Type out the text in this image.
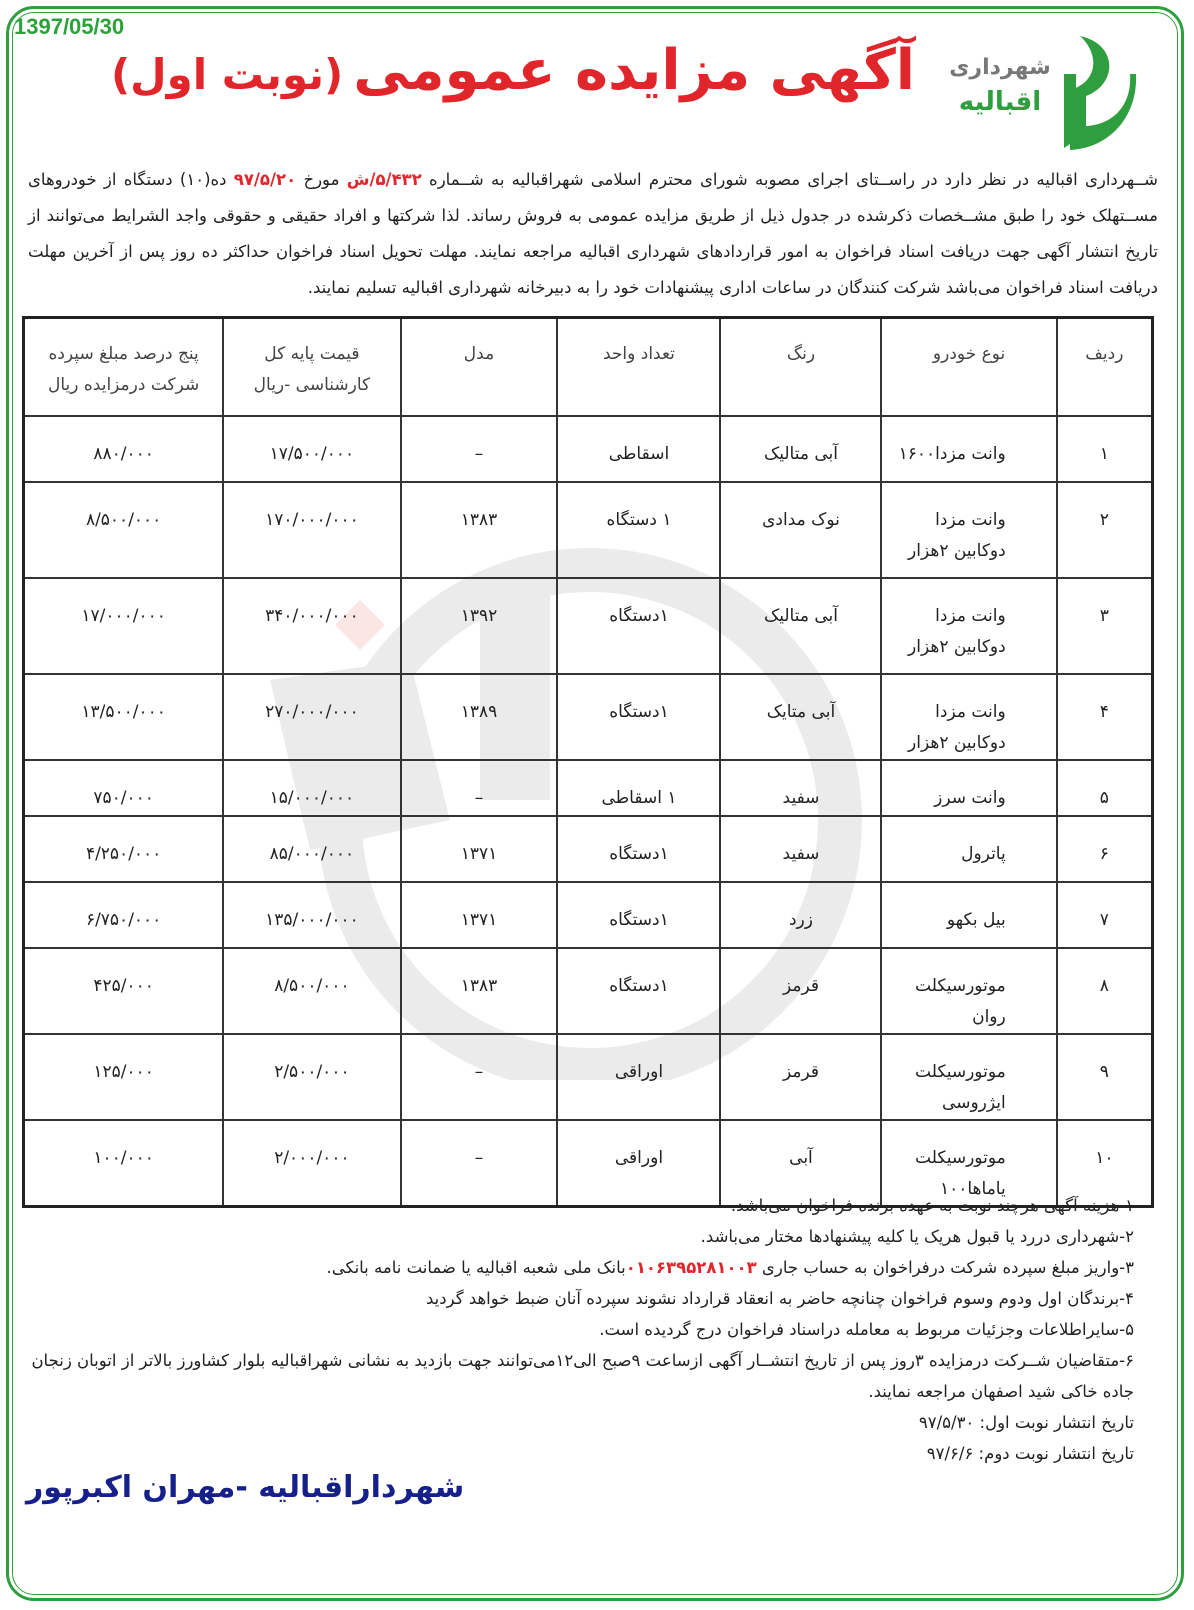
1397/05/30
شهرداری
اقبالیه
آگهی مزایده عمومی(نوبت اول)
شــهرداری اقبالیه در نظر دارد در راســتای اجرای مصوبه شورای محترم اسلامی شهراقبالیه به شــماره ۵/۴۳۲/ش مورخ ۹۷/۵/۲۰ ده(۱۰) دستگاه از خودروهای مســتهلک خود را طبق مشــخصات ذکرشده در جدول ذیل از طریق مزایده عمومی به فروش رساند. لذا شرکتها و افراد حقیقی و حقوقی واجد الشرایط می‌توانند از تاریخ انتشار آگهی جهت دریافت اسناد فراخوان به امور قراردادهای شهرداری اقبالیه مراجعه نمایند. مهلت تحویل اسناد فراخوان حداکثر ده روز پس از آخرین مهلت دریافت اسناد فراخوان می‌باشد شرکت کنندگان در ساعات اداری پیشنهادات خود را به دبیرخانه شهرداری اقبالیه تسلیم نمایند.
ردیف	نوع خودرو	رنگ	تعداد واحد	مدل	قیمت پایه کل کارشناسی -ریال	پنج درصد مبلغ سپرده شرکت درمزایده ریال
۱	وانت مزدا۱۶۰۰	آبی متالیک	اسقاطی	–	۱۷/۵۰۰/۰۰۰	۸۸۰/۰۰۰
۲	وانت مزدا دوکابین ۲هزار	نوک مدادی	۱ دستگاه	۱۳۸۳	۱۷۰/۰۰۰/۰۰۰	۸/۵۰۰/۰۰۰
۳	وانت مزدا دوکابین ۲هزار	آبی متالیک	۱دستگاه	۱۳۹۲	۳۴۰/۰۰۰/۰۰۰	۱۷/۰۰۰/۰۰۰
۴	وانت مزدا دوکابین ۲هزار	آبی متایک	۱دستگاه	۱۳۸۹	۲۷۰/۰۰۰/۰۰۰	۱۳/۵۰۰/۰۰۰
۵	وانت سرز	سفید	۱ اسقاطی	–	۱۵/۰۰۰/۰۰۰	۷۵۰/۰۰۰
۶	پاترول	سفید	۱دستگاه	۱۳۷۱	۸۵/۰۰۰/۰۰۰	۴/۲۵۰/۰۰۰
۷	بیل بکهو	زرد	۱دستگاه	۱۳۷۱	۱۳۵/۰۰۰/۰۰۰	۶/۷۵۰/۰۰۰
۸	موتورسیکلت روان	قرمز	۱دستگاه	۱۳۸۳	۸/۵۰۰/۰۰۰	۴۲۵/۰۰۰
۹	موتورسیکلت ایژروسی	قرمز	اوراقی	–	۲/۵۰۰/۰۰۰	۱۲۵/۰۰۰
۱۰	موتورسیکلت یاماها۱۰۰	آبی	اوراقی	–	۲/۰۰۰/۰۰۰	۱۰۰/۰۰۰
۱-هزینه آگهی هرچند نوبت به عهده برنده فراخوان می‌باشد.
۲-شهرداری دررد یا قبول هریک یا کلیه پیشنهادها مختار می‌باشد.
۳-واریز مبلغ سپرده شرکت درفراخوان به حساب جاری ۰۱۰۶۳۹۵۲۸۱۰۰۳بانک ملی شعبه اقبالیه یا ضمانت نامه بانکی.
۴-برندگان اول ودوم وسوم فراخوان چنانچه حاضر به انعقاد قرارداد نشوند سپرده آنان ضبط خواهد گردید
۵-سایراطلاعات وجزئیات مربوط به معامله دراسناد فراخوان درج گردیده است.
۶-متقاضیان شــرکت درمزایده ۳روز پس از تاریخ انتشــار آگهی ازساعت ۹صبح الی۱۲می‌توانند جهت بازدید به نشانی شهراقبالیه بلوار کشاورز بالاتر از اتوبان زنجان جاده خاکی شید اصفهان مراجعه نمایند.
تاریخ انتشار نوبت اول: ۹۷/۵/۳۰
تاریخ انتشار نوبت دوم: ۹۷/۶/۶
شهرداراقبالیه -مهران اکبرپور
